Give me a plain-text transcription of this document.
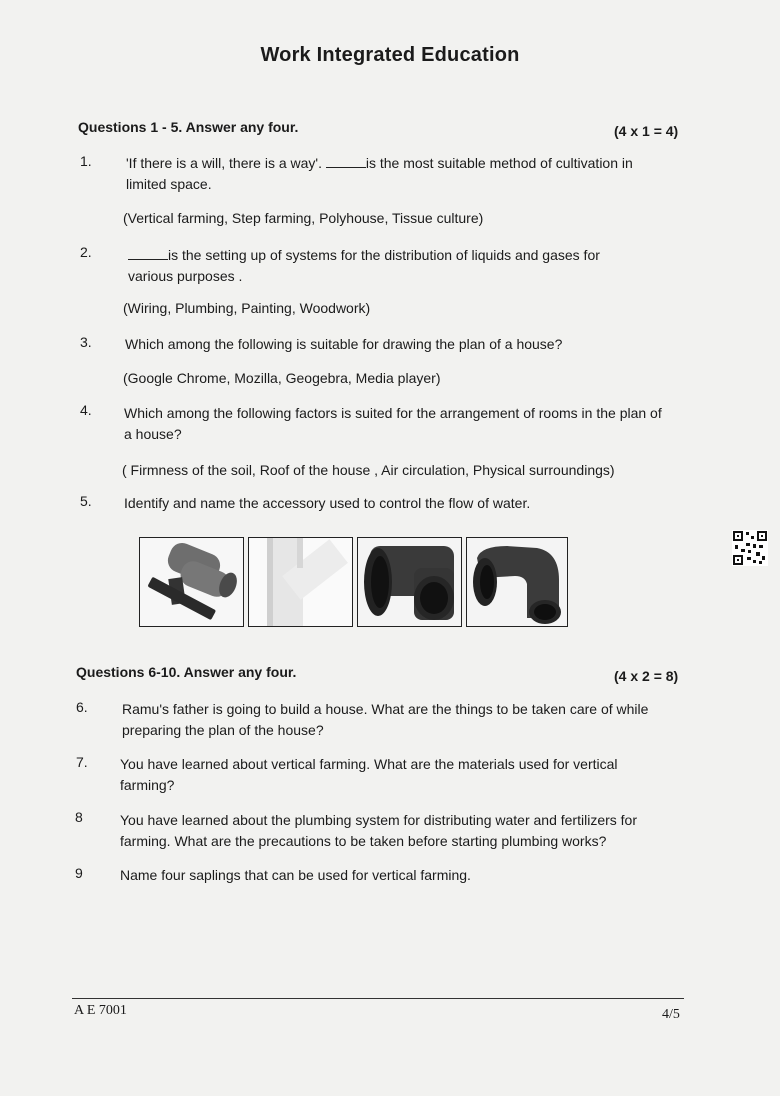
Work Integrated Education
Questions 1 - 5. Answer any four.	(4 x 1 = 4)
1. 'If there is a will, there is a way'.	is the most suitable method of cultivation in
limited space.
(Vertical farming, Step farming, Polyhouse, Tissue culture)
2.	is the setting up of systems for the distribution of liquids and gases for
various purposes .
(Wiring, Plumbing, Painting, Woodwork)
3. Which among the following is suitable for drawing the plan of a house?
(Google Chrome, Mozilla, Geogebra, Media player)
4. Which among the following factors is suited for the arrangement of rooms in the plan of
a house?
( Firmness of the soil, Roof of the house , Air circulation, Physical surroundings)
5. Identify and name the accessory used to control the flow of water.
Questions 6-10. Answer any four.	(4 x 2 = 8)
6. Ramu's father is going to build a house. What are the things to be taken care of while
preparing the plan of the house?
7. You have learned about vertical farming. What are the materials used for vertical
farming?
8	You have learned about the plumbing system for distributing water and fertilizers for
farming. What are the precautions to be taken before starting plumbing works?
9	Name four saplings that can be used for vertical farming.
A E 7001	4/5
